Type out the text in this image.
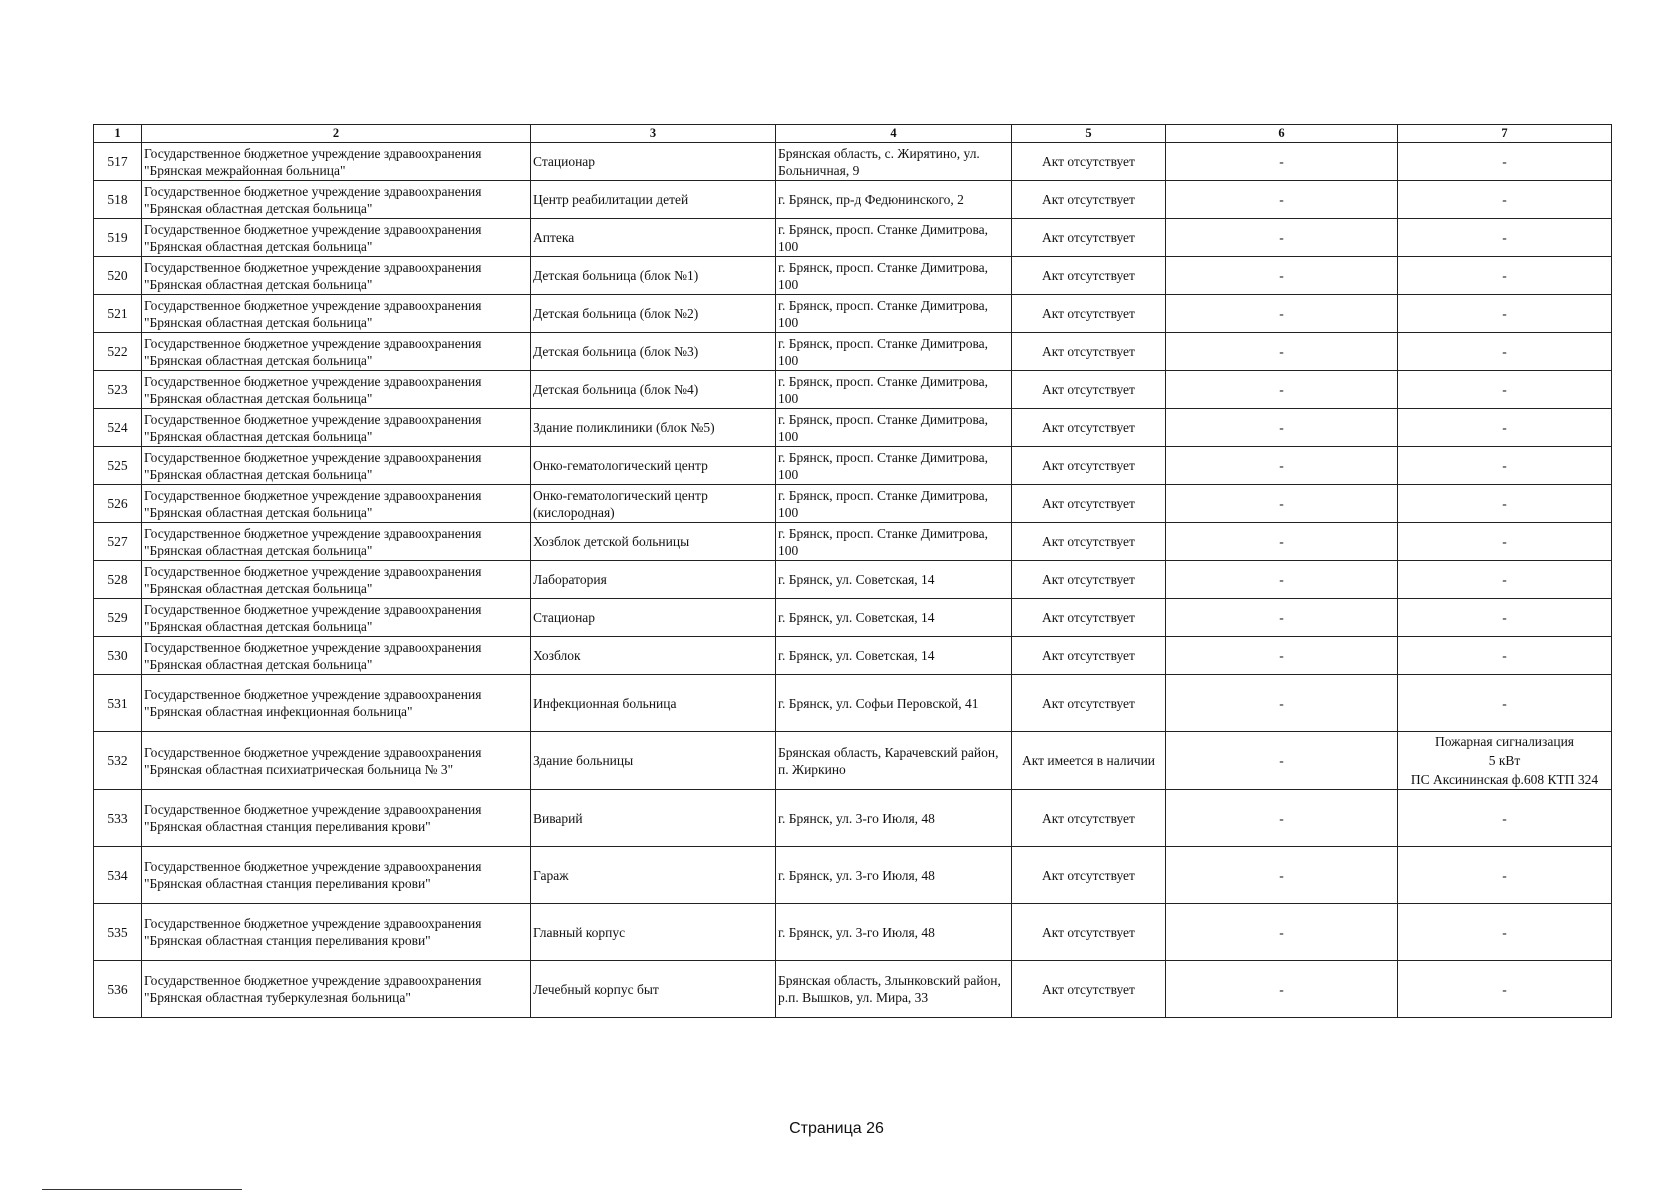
1	2	3	4	5	6	7
517	Государственное бюджетное учреждение здравоохранения "Брянская межрайонная больница"	Стационар	Брянская область, с. Жирятино, ул. Больничная, 9	Акт отсутствует	-	-

518	Государственное бюджетное учреждение здравоохранения "Брянская областная детская больница"	Центр реабилитации детей	г. Брянск, пр-д Федюнинского, 2	Акт отсутствует	-	-

519	Государственное бюджетное учреждение здравоохранения "Брянская областная детская больница"	Аптека	г. Брянск, просп. Станке Димитрова, 100	Акт отсутствует	-	-

520	Государственное бюджетное учреждение здравоохранения "Брянская областная детская больница"	Детская больница (блок №1)	г. Брянск, просп. Станке Димитрова, 100	Акт отсутствует	-	-

521	Государственное бюджетное учреждение здравоохранения "Брянская областная детская больница"	Детская больница (блок №2)	г. Брянск, просп. Станке Димитрова, 100	Акт отсутствует	-	-

522	Государственное бюджетное учреждение здравоохранения "Брянская областная детская больница"	Детская больница (блок №3)	г. Брянск, просп. Станке Димитрова, 100	Акт отсутствует	-	-

523	Государственное бюджетное учреждение здравоохранения "Брянская областная детская больница"	Детская больница (блок №4)	г. Брянск, просп. Станке Димитрова, 100	Акт отсутствует	-	-

524	Государственное бюджетное учреждение здравоохранения "Брянская областная детская больница"	Здание поликлиники (блок №5)	г. Брянск, просп. Станке Димитрова, 100	Акт отсутствует	-	-

525	Государственное бюджетное учреждение здравоохранения "Брянская областная детская больница"	Онко-гематологический центр	г. Брянск, просп. Станке Димитрова, 100	Акт отсутствует	-	-

526	Государственное бюджетное учреждение здравоохранения "Брянская областная детская больница"	Онко-гематологический центр (кислородная)	г. Брянск, просп. Станке Димитрова, 100	Акт отсутствует	-	-

527	Государственное бюджетное учреждение здравоохранения "Брянская областная детская больница"	Хозблок детской больницы	г. Брянск, просп. Станке Димитрова, 100	Акт отсутствует	-	-

528	Государственное бюджетное учреждение здравоохранения "Брянская областная детская больница"	Лаборатория	г. Брянск, ул. Советская, 14	Акт отсутствует	-	-

529	Государственное бюджетное учреждение здравоохранения "Брянская областная детская больница"	Стационар	г. Брянск, ул. Советская, 14	Акт отсутствует	-	-

530	Государственное бюджетное учреждение здравоохранения "Брянская областная детская больница"	Хозблок	г. Брянск, ул. Советская, 14	Акт отсутствует	-	-

531	Государственное бюджетное учреждение здравоохранения "Брянская областная инфекционная больница"	Инфекционная больница	г. Брянск, ул. Софьи Перовской, 41	Акт отсутствует	-	-

532	Государственное бюджетное учреждение здравоохранения "Брянская областная психиатрическая больница № 3"	Здание больницы	Брянская область, Карачевский район, п. Жиркино	Акт имеется в наличии	-	Пожарная сигнализация
5 кВт
ПС Аксининская ф.608 КТП 324

533	Государственное бюджетное учреждение здравоохранения "Брянская областная станция переливания крови"	Виварий	г. Брянск, ул. 3-го Июля, 48	Акт отсутствует	-	-

534	Государственное бюджетное учреждение здравоохранения "Брянская областная станция переливания крови"	Гараж	г. Брянск, ул. 3-го Июля, 48	Акт отсутствует	-	-

535	Государственное бюджетное учреждение здравоохранения "Брянская областная станция переливания крови"	Главный корпус	г. Брянск, ул. 3-го Июля, 48	Акт отсутствует	-	-

536	Государственное бюджетное учреждение здравоохранения "Брянская областная туберкулезная больница"	Лечебный корпус быт	Брянская область, Злынковский район, р.п. Вышков, ул. Мира, 33	Акт отсутствует	-	-
Страница 26
